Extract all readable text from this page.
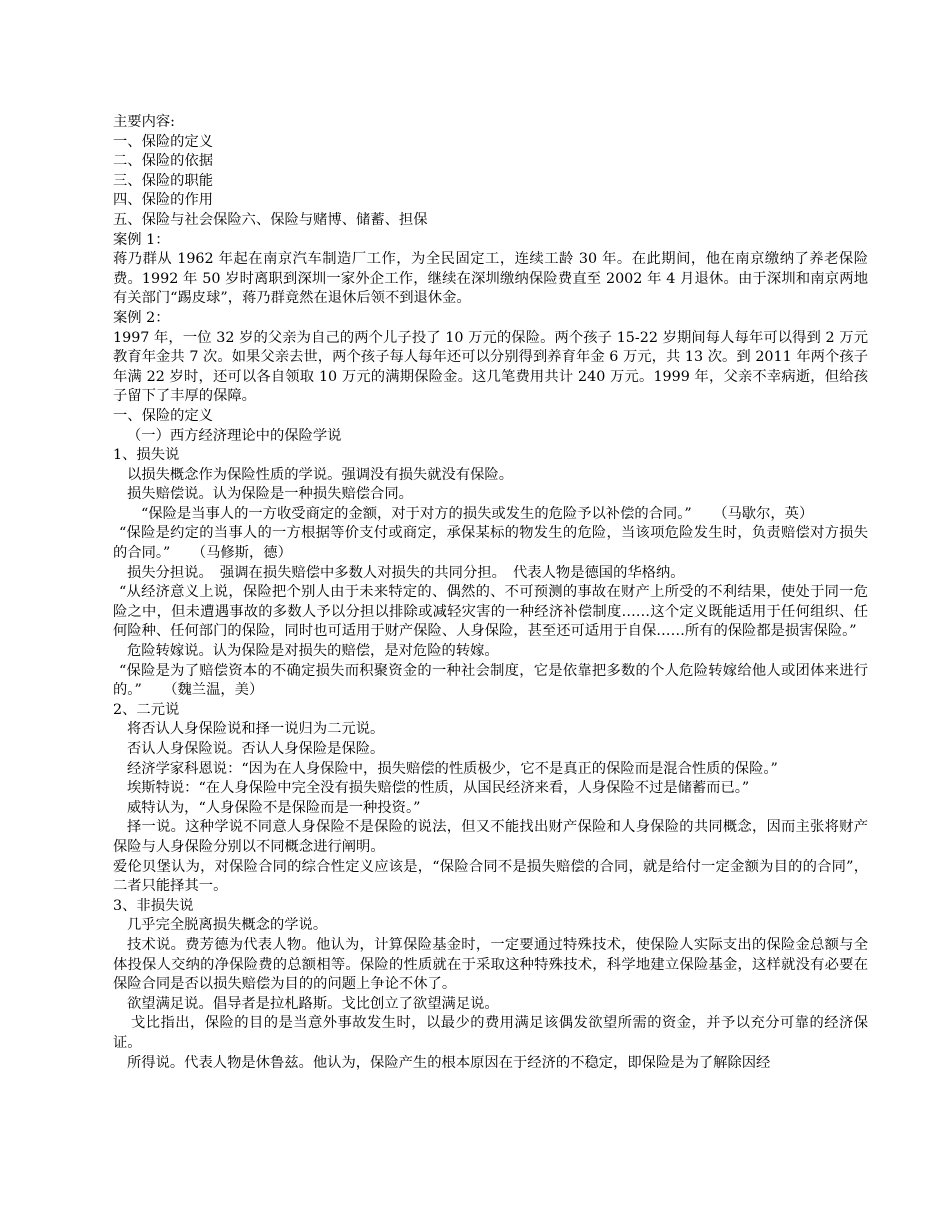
主要内容:

一、保险的定义

二、保险的依据

三、保险的职能

四、保险的作用

五、保险与社会保险六、保险与赌博、储蓄、担保

案例 1：

蒋乃群从 1962 年起在南京汽车制造厂工作，为全民固定工，连续工龄 30 年。在此期间，他在南京缴纳了养老保险费。1992 年 50 岁时离职到深圳一家外企工作，继续在深圳缴纳保险费直至 2002 年 4 月退休。由于深圳和南京两地有关部门“踢皮球”，蒋乃群竟然在退休后领不到退休金。

案例 2：

1997 年，一位 32 岁的父亲为自己的两个儿子投了 10 万元的保险。两个孩子 15-22 岁期间每人每年可以得到 2 万元教育年金共 7 次。如果父亲去世，两个孩子每人每年还可以分别得到养育年金 6 万元，共 13 次。到 2011 年两个孩子年满 22 岁时，还可以各自领取 10 万元的满期保险金。这几笔费用共计 240 万元。1999 年，父亲不幸病逝，但给孩子留下了丰厚的保障。

一、保险的定义

（一）西方经济理论中的保险学说

1、损失说

以损失概念作为保险性质的学说。强调没有损失就没有保险。

损失赔偿说。认为保险是一种损失赔偿合同。

“保险是当事人的一方收受商定的金额，对于对方的损失或发生的危险予以补偿的合同。”　　（马歇尔，英）

“保险是约定的当事人的一方根据等价支付或商定，承保某标的物发生的危险，当该项危险发生时，负责赔偿对方损失的合同。”　　（马修斯，德）

损失分担说。　强调在损失赔偿中多数人对损失的共同分担。　代表人物是德国的华格纳。

“从经济意义上说，保险把个别人由于未来特定的、偶然的、不可预测的事故在财产上所受的不利结果，使处于同一危险之中，但未遭遇事故的多数人予以分担以排除或减轻灾害的一种经济补偿制度……这个定义既能适用于任何组织、任何险种、任何部门的保险，同时也可适用于财产保险、人身保险，甚至还可适用于自保……所有的保险都是损害保险。”

危险转嫁说。认为保险是对损失的赔偿，是对危险的转嫁。

“保险是为了赔偿资本的不确定损失而积聚资金的一种社会制度，它是依靠把多数的个人危险转嫁给他人或团体来进行的。”　　（魏兰温，美）

2、二元说

将否认人身保险说和择一说归为二元说。

否认人身保险说。否认人身保险是保险。

经济学家科恩说：“因为在人身保险中，损失赔偿的性质极少，它不是真正的保险而是混合性质的保险。”

埃斯特说：“在人身保险中完全没有损失赔偿的性质，从国民经济来看，人身保险不过是储蓄而已。”

威特认为，“人身保险不是保险而是一种投资。”

择一说。这种学说不同意人身保险不是保险的说法，但又不能找出财产保险和人身保险的共同概念，因而主张将财产保险与人身保险分别以不同概念进行阐明。

爱伦贝堡认为，对保险合同的综合性定义应该是，“保险合同不是损失赔偿的合同，就是给付一定金额为目的的合同”，二者只能择其一。

3、非损失说

几乎完全脱离损失概念的学说。

技术说。费芳德为代表人物。他认为，计算保险基金时，一定要通过特殊技术，使保险人实际支出的保险金总额与全体投保人交纳的净保险费的总额相等。保险的性质就在于采取这种特殊技术，科学地建立保险基金，这样就没有必要在保险合同是否以损失赔偿为目的的问题上争论不休了。

欲望满足说。倡导者是拉札路斯。戈比创立了欲望满足说。

戈比指出，保险的目的是当意外事故发生时，以最少的费用满足该偶发欲望所需的资金，并予以充分可靠的经济保证。

所得说。代表人物是休鲁兹。他认为，保险产生的根本原因在于经济的不稳定，即保险是为了解除因经
